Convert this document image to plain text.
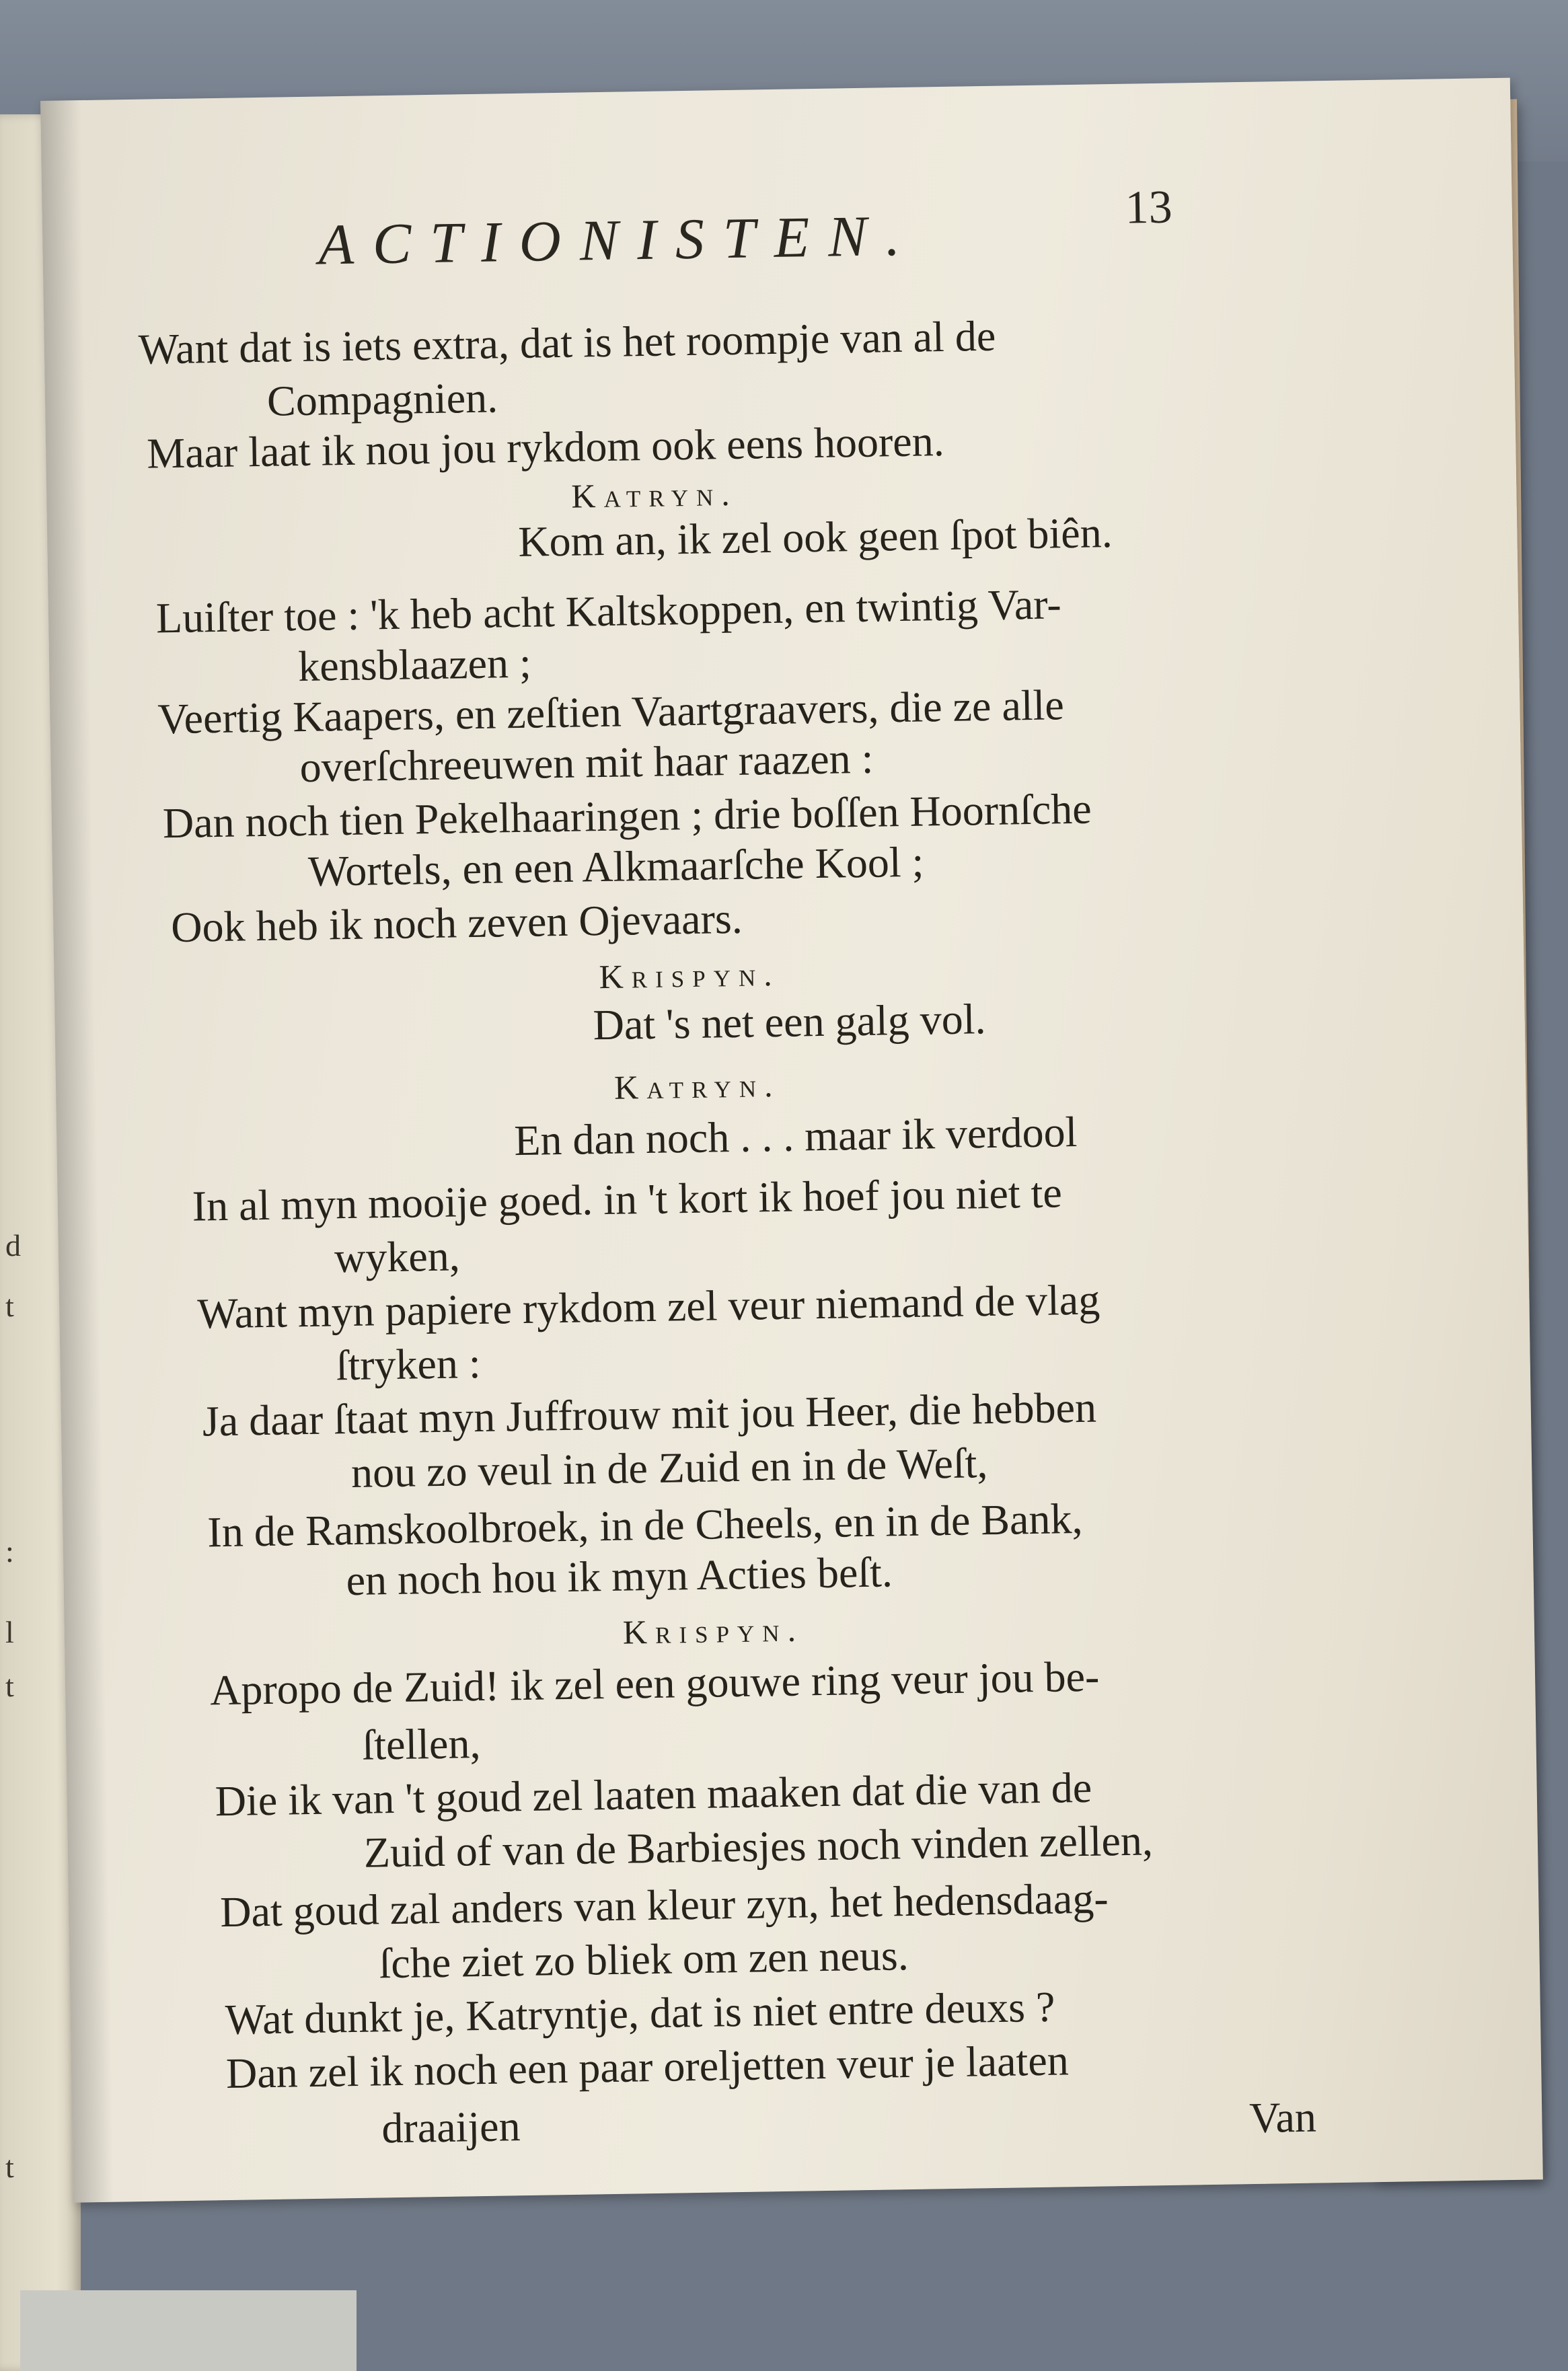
d
t
:
l
t
t
ACTIONISTEN.	13
Want dat is iets extra, dat is het roompje van al de
Compagnien.
Maar laat ik nou jou rykdom ook eens hooren.
Katryn.
Kom an, ik zel ook geen ſpot biên.
Luiſter toe : 'k heb acht Kaltskoppen, en twintig Var-
kensblaazen ;
Veertig Kaapers, en zeſtien Vaartgraavers, die ze alle
overſchreeuwen mit haar raazen :
Dan noch tien Pekelhaaringen ; drie boſſen Hoornſche
Wortels, en een Alkmaarſche Kool ;
Ook heb ik noch zeven Ojevaars.
Krispyn.
Dat 's net een galg vol.
Katryn.
En dan noch . . . maar ik verdool
In al myn mooije goed. in 't kort ik hoef jou niet te
wyken,
Want myn papiere rykdom zel veur niemand de vlag
ſtryken :
Ja daar ſtaat myn Juffrouw mit jou Heer, die hebben
nou zo veul in de Zuid en in de Weſt,
In de Ramskoolbroek, in de Cheels, en in de Bank,
en noch hou ik myn Acties beſt.
Krispyn.
Apropo de Zuid! ik zel een gouwe ring veur jou be-
ſtellen,
Die ik van 't goud zel laaten maaken dat die van de
Zuid of van de Barbiesjes noch vinden zellen,
Dat goud zal anders van kleur zyn, het hedensdaag-
ſche ziet zo bliek om zen neus.
Wat dunkt je, Katryntje, dat is niet entre deuxs ?
Dan zel ik noch een paar oreljetten veur je laaten
draaijen	Van
